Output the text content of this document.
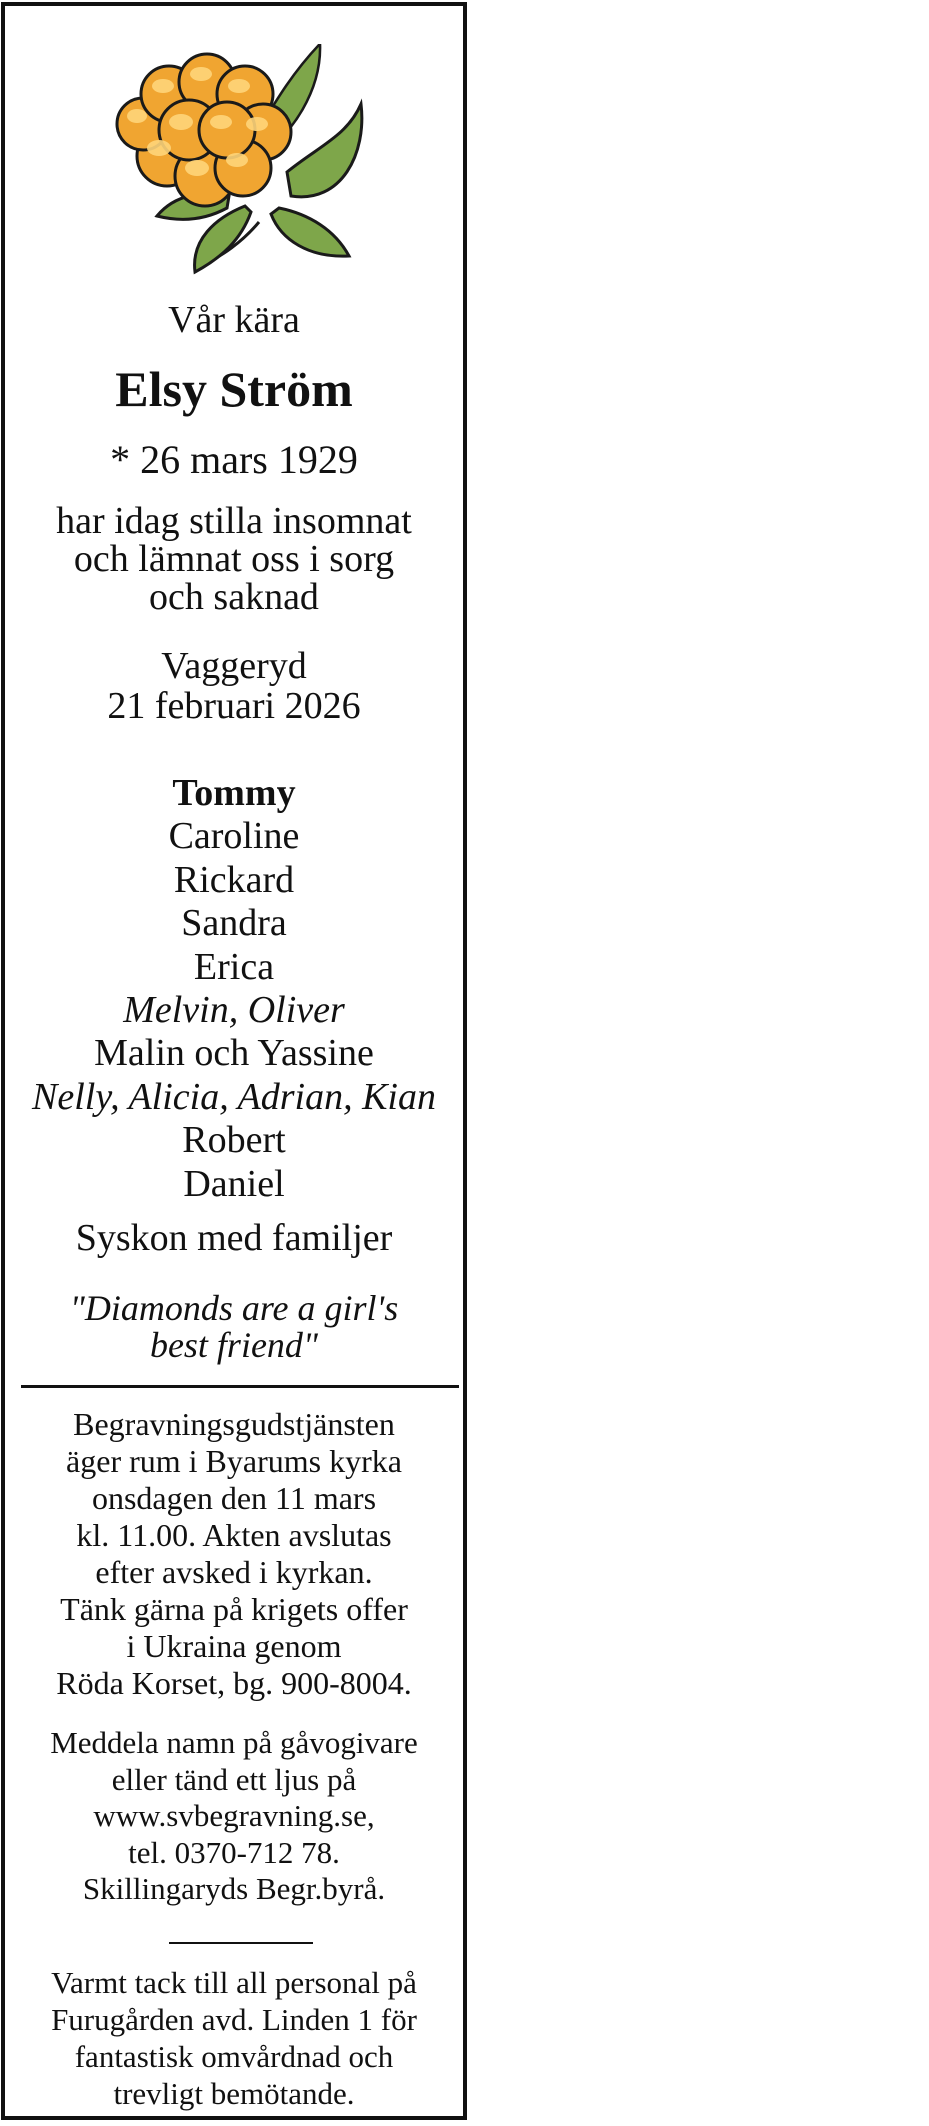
Vår kära
Elsy Ström
* 26 mars 1929
har idag stilla insomnat
och lämnat oss i sorg
och saknad
Vaggeryd
21 februari 2026
Tommy
Caroline
Rickard
Sandra
Erica
Melvin, Oliver
Malin och Yassine
Nelly, Alicia, Adrian, Kian
Robert
Daniel
Syskon med familjer
"Diamonds are a girl's
best friend"
Begravningsgudstjänsten
äger rum i Byarums kyrka
onsdagen den 11 mars
kl. 11.00. Akten avslutas
efter avsked i kyrkan.
Tänk gärna på krigets offer
i Ukraina genom
Röda Korset, bg. 900-8004.
Meddela namn på gåvogivare
eller tänd ett ljus på
www.svbegravning.se,
tel. 0370-712 78.
Skillingaryds Begr.byrå.
Varmt tack till all personal på
Furugården avd. Linden 1 för
fantastisk omvårdnad och
trevligt bemötande.
